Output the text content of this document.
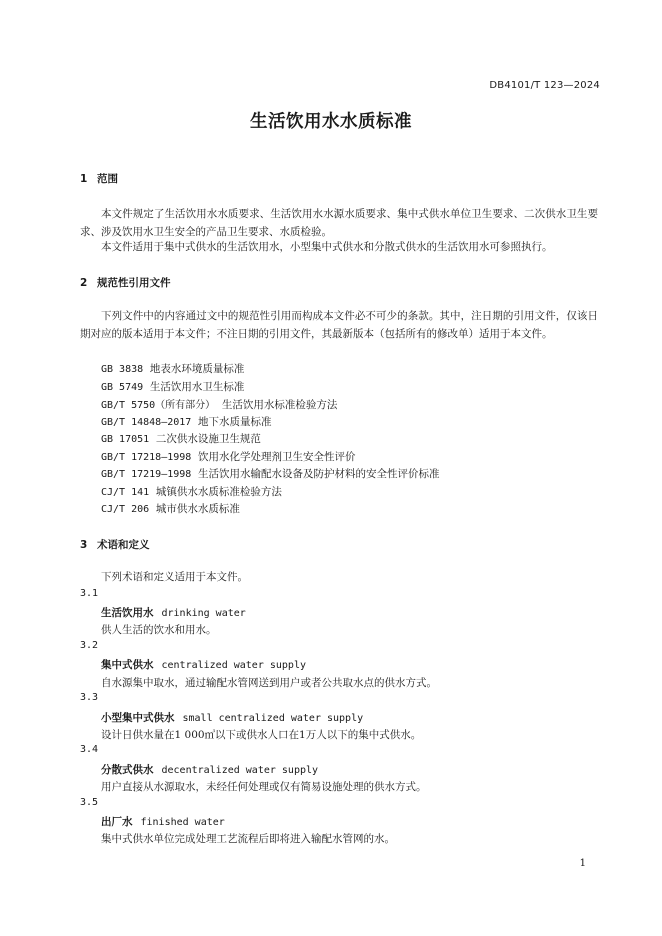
DB4101/T 123—2024
生活饮用水水质标准
1 范围
本文件规定了生活饮用水水质要求、生活饮用水水源水质要求、集中式供水单位卫生要求、二次供水卫生要求、涉及饮用水卫生安全的产品卫生要求、水质检验。
本文件适用于集中式供水的生活饮用水，小型集中式供水和分散式供水的生活饮用水可参照执行。
2 规范性引用文件
下列文件中的内容通过文中的规范性引用而构成本文件必不可少的条款。其中，注日期的引用文件，仅该日期对应的版本适用于本文件；不注日期的引用文件，其最新版本（包括所有的修改单）适用于本文件。
GB 3838 地表水环境质量标准
GB 5749 生活饮用水卫生标准
GB/T 5750（所有部分） 生活饮用水标准检验方法
GB/T 14848—2017 地下水质量标准
GB 17051 二次供水设施卫生规范
GB/T 17218—1998 饮用水化学处理剂卫生安全性评价
GB/T 17219—1998 生活饮用水输配水设备及防护材料的安全性评价标准
CJ/T 141 城镇供水水质标准检验方法
CJ/T 206 城市供水水质标准
3 术语和定义
下列术语和定义适用于本文件。
3.1
生活饮用水 drinking water
供人生活的饮水和用水。
3.2
集中式供水 centralized water supply
自水源集中取水，通过输配水管网送到用户或者公共取水点的供水方式。
3.3
小型集中式供水 small centralized water supply
设计日供水量在1 000㎥以下或供水人口在1万人以下的集中式供水。
3.4
分散式供水 decentralized water supply
用户直接从水源取水，未经任何处理或仅有简易设施处理的供水方式。
3.5
出厂水 finished water
集中式供水单位完成处理工艺流程后即将进入输配水管网的水。
1
